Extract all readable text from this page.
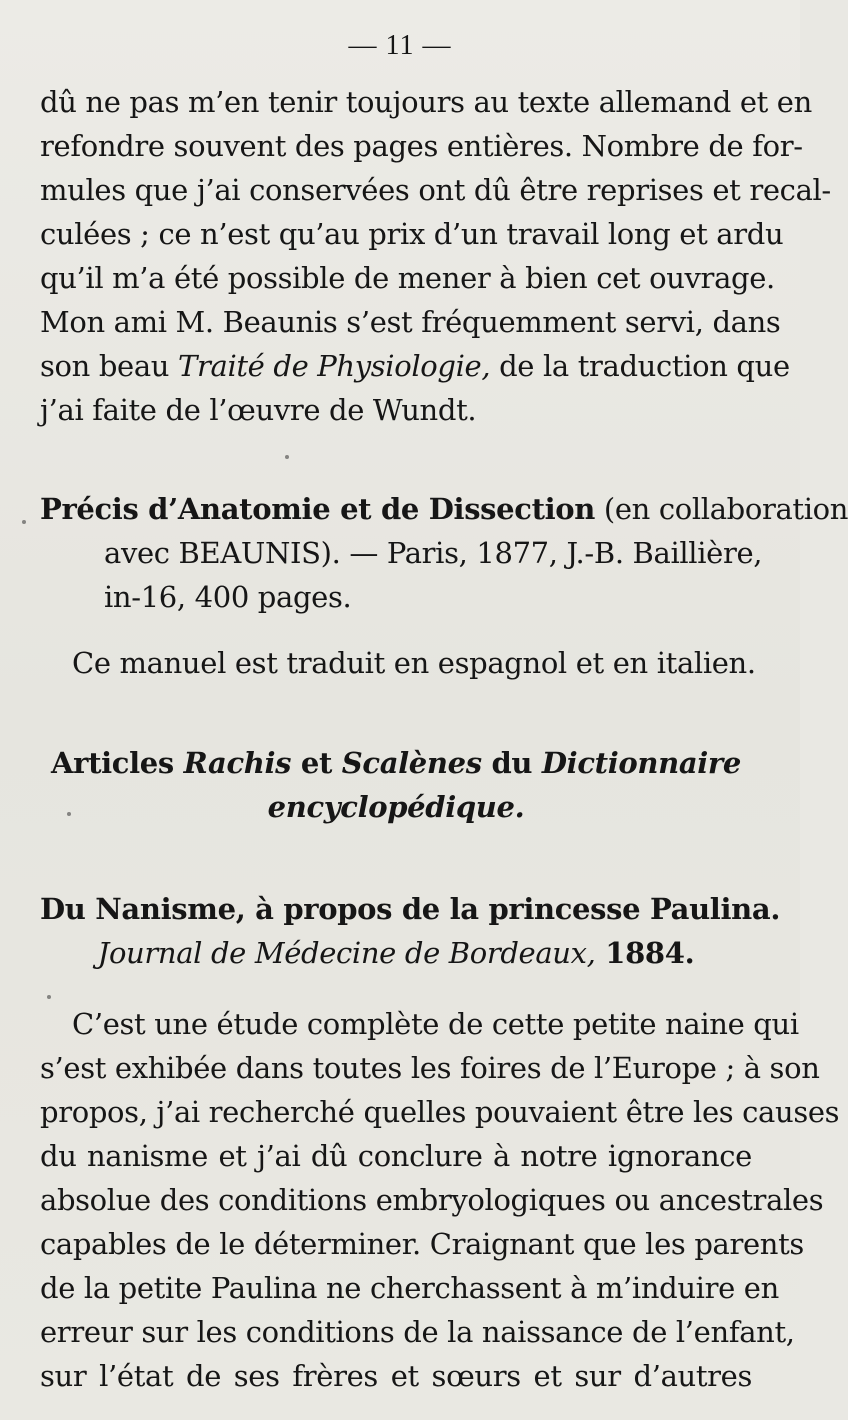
— 11 —
dû ne pas m’en tenir toujours au texte allemand et en
refondre souvent des pages entières. Nombre de for-
mules que j’ai conservées ont dû être reprises et recal-
culées ; ce n’est qu’au prix d’un travail long et ardu
qu’il m’a été possible de mener à bien cet ouvrage.
Mon ami M. Beaunis s’est fréquemment servi, dans
son beau Traité de Physiologie, de la traduction que
j’ai faite de l’œuvre de Wundt.
Précis d’Anatomie et de Dissection (en collaboration
avec BEAUNIS). — Paris, 1877, J.-B. Baillière,
in-16, 400 pages.
Ce manuel est traduit en espagnol et en italien.
Articles Rachis et Scalènes du Dictionnaire
encyclopédique.
Du Nanisme, à propos de la princesse Paulina.
Journal de Médecine de Bordeaux, 1884.
C’est une étude complète de cette petite naine qui
s’est exhibée dans toutes les foires de l’Europe ; à son
propos, j’ai recherché quelles pouvaient être les causes
du nanisme et j’ai dû conclure à notre ignorance
absolue des conditions embryologiques ou ancestrales
capables de le déterminer. Craignant que les parents
de la petite Paulina ne cherchassent à m’induire en
erreur sur les conditions de la naissance de l’enfant,
sur l’état de ses frères et sœurs et sur d’autres
